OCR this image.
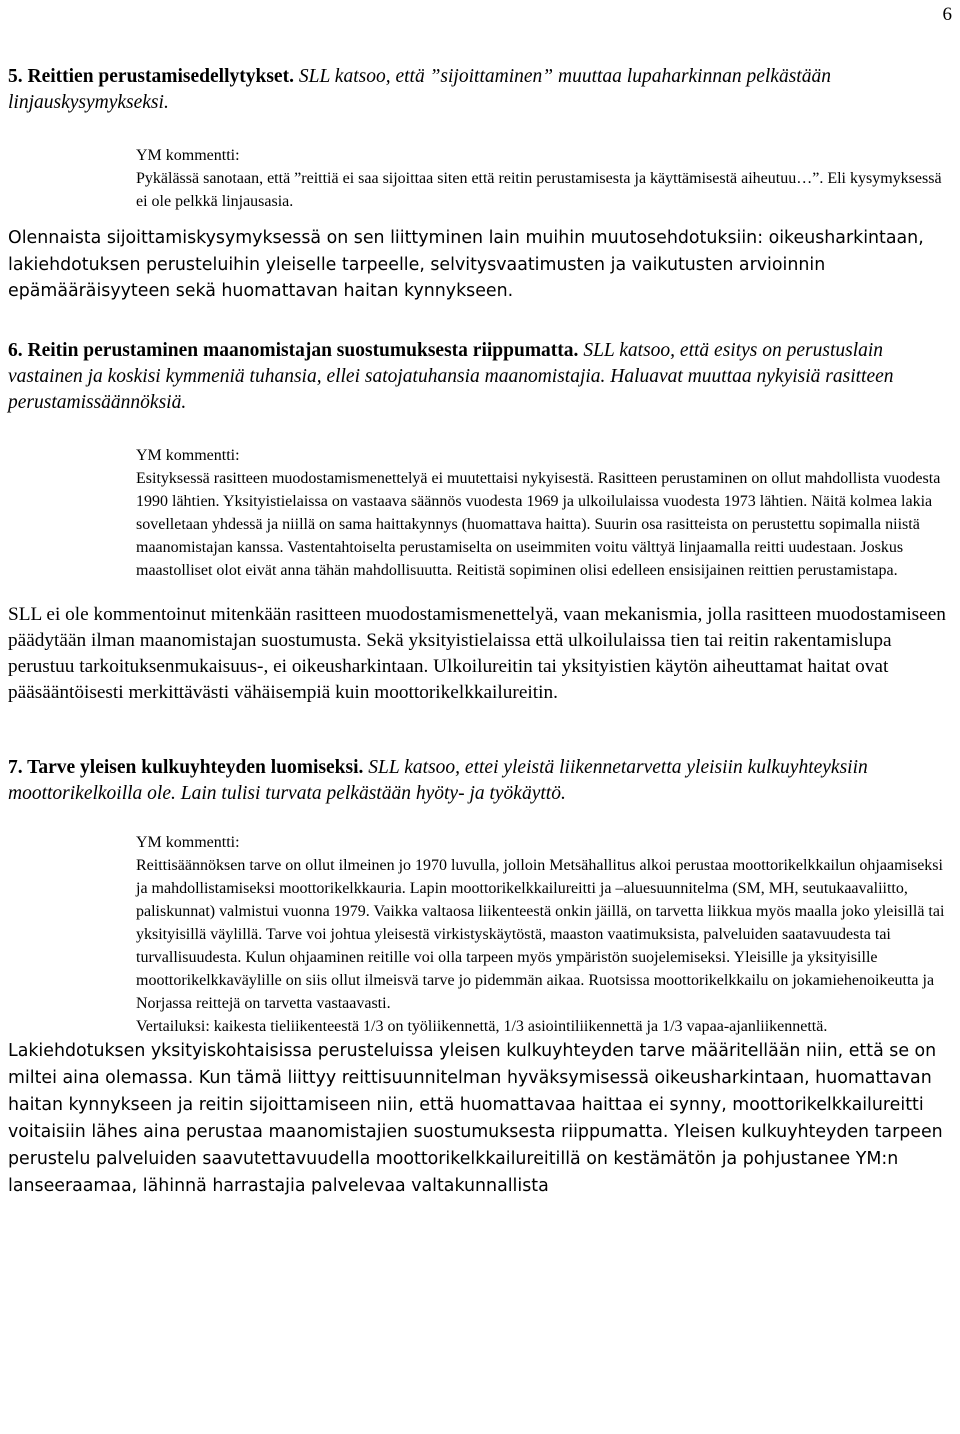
6

5. Reittien perustamisedellytykset. SLL katsoo, että ”sijoittaminen” muuttaa lupaharkinnan pelkästään linjauskysymykseksi.

YM kommentti:

Pykälässä sanotaan, että ”reittiä ei saa sijoittaa siten että reitin perustamisesta ja käyttämisestä aiheutuu…”. Eli kysymyksessä ei ole pelkkä linjausasia.

Olennaista sijoittamiskysymyksessä on sen liittyminen lain muihin muutosehdotuksiin: oikeusharkintaan, lakiehdotuksen perusteluihin yleiselle tarpeelle, selvitysvaatimusten ja vaikutusten arvioinnin epämääräisyyteen sekä huomattavan haitan kynnykseen.

6. Reitin perustaminen maanomistajan suostumuksesta riippumatta. SLL katsoo, että esitys on perustuslain vastainen ja koskisi kymmeniä tuhansia, ellei satojatuhansia maanomistajia. Haluavat muuttaa nykyisiä rasitteen perustamissäännöksiä.

YM kommentti:

Esityksessä rasitteen muodostamismenettelyä ei muutettaisi nykyisestä. Rasitteen perustaminen on ollut mahdollista vuodesta 1990 lähtien. Yksityistielaissa on vastaava säännös vuodesta 1969 ja ulkoilulaissa vuodesta 1973 lähtien. Näitä kolmea lakia sovelletaan yhdessä ja niillä on sama haittakynnys (huomattava haitta). Suurin osa rasitteista on perustettu sopimalla niistä maanomistajan kanssa. Vastentahtoiselta perustamiselta on useimmiten voitu välttyä linjaamalla reitti uudestaan. Joskus maastolliset olot eivät anna tähän mahdollisuutta. Reitistä sopiminen olisi edelleen ensisijainen reittien perustamistapa.

SLL ei ole kommentoinut mitenkään rasitteen muodostamismenettelyä, vaan mekanismia, jolla rasitteen muodostamiseen päädytään ilman maanomistajan suostumusta. Sekä yksityistielaissa että ulkoilulaissa tien tai reitin rakentamislupa perustuu tarkoituksenmukaisuus-, ei oikeusharkintaan. Ulkoilureitin tai yksityistien käytön aiheuttamat haitat ovat pääsääntöisesti merkittävästi vähäisempiä kuin moottorikelkkailureitin.

7. Tarve yleisen kulkuyhteyden luomiseksi. SLL katsoo, ettei yleistä liikennetarvetta yleisiin kulkuyhteyksiin moottorikelkoilla ole. Lain tulisi turvata pelkästään hyöty- ja työkäyttö.

YM kommentti:

Reittisäännöksen tarve on ollut ilmeinen jo 1970 luvulla, jolloin Metsähallitus alkoi perustaa moottorikelkkailun ohjaamiseksi ja mahdollistamiseksi moottorikelkkauria. Lapin moottorikelkkailureitti ja –aluesuunnitelma (SM, MH, seutukaavaliitto, paliskunnat) valmistui vuonna 1979. Vaikka valtaosa liikenteestä onkin jäillä, on tarvetta liikkua myös maalla joko yleisillä tai yksityisillä väylillä. Tarve voi johtua yleisestä virkistyskäytöstä, maaston vaatimuksista, palveluiden saatavuudesta tai turvallisuudesta. Kulun ohjaaminen reitille voi olla tarpeen myös ympäristön suojelemiseksi. Yleisille ja yksityisille moottorikelkkaväylille on siis ollut ilmeisvä tarve jo pidemmän aikaa. Ruotsissa moottorikelkkailu on jokamiehenoikeutta ja Norjassa reittejä on tarvetta vastaavasti.

Vertailuksi: kaikesta tieliikenteestä 1/3 on työliikennettä, 1/3 asiointiliikennettä ja 1/3 vapaa-ajanliikennettä.

Lakiehdotuksen yksityiskohtaisissa perusteluissa yleisen kulkuyhteyden tarve määritellään niin, että se on miltei aina olemassa. Kun tämä liittyy reittisuunnitelman hyväksymisessä oikeusharkintaan, huomattavan haitan kynnykseen ja reitin sijoittamiseen niin, että huomattavaa haittaa ei synny, moottorikelkkailureitti voitaisiin lähes aina perustaa maanomistajien suostumuksesta riippumatta. Yleisen kulkuyhteyden tarpeen perustelu palveluiden saavutettavuudella moottorikelkkailureitillä on kestämätön ja pohjustanee YM:n lanseeraamaa, lähinnä harrastajia palvelevaa valtakunnallista
